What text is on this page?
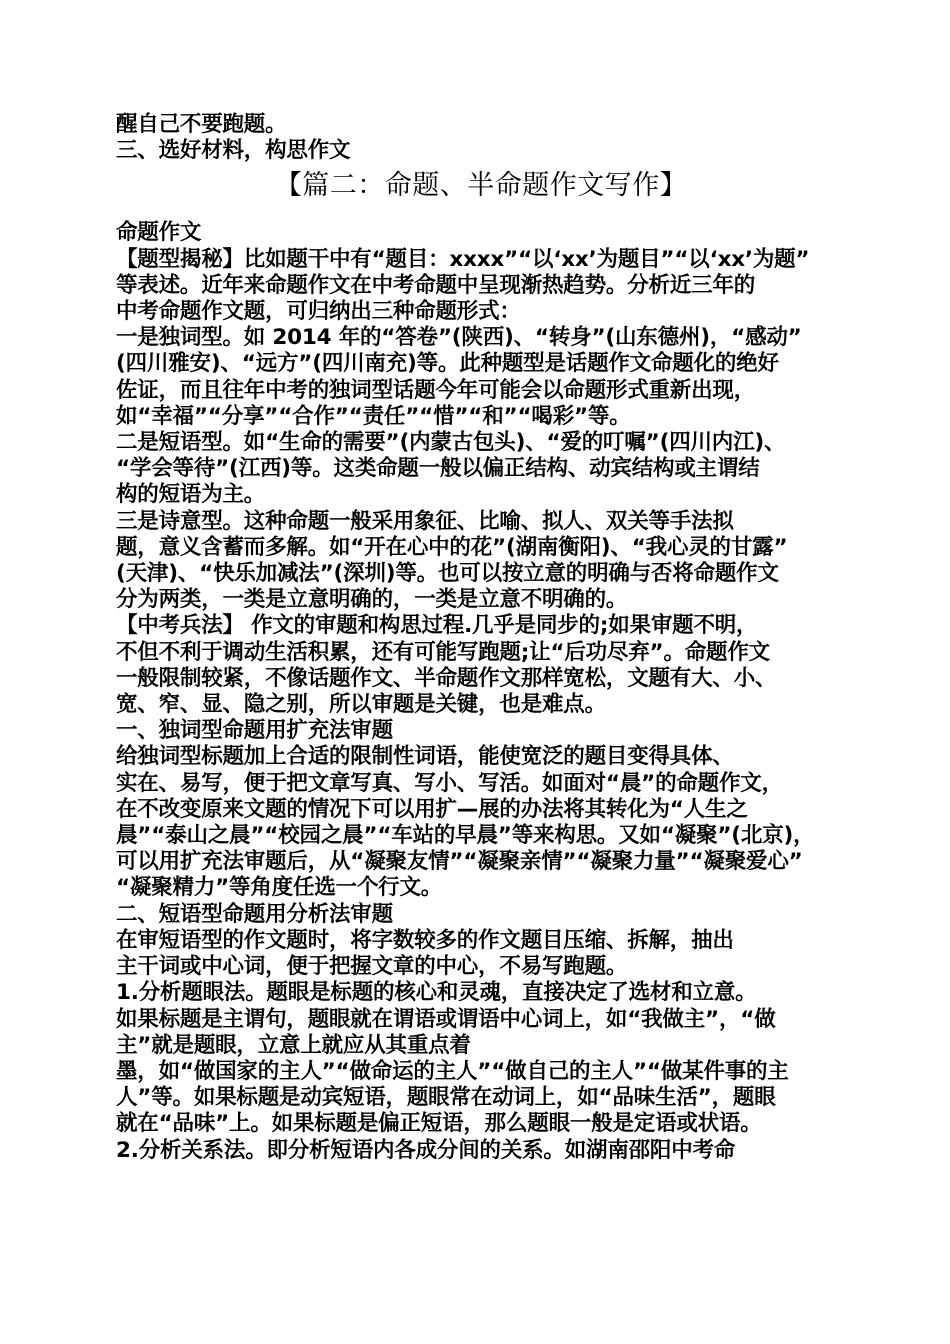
醒自己不要跑题。
三、选好材料，构思作文
【篇二：命题、半命题作文写作】
命题作文
【题型揭秘】比如题干中有“题目：xxxx”“以‘xx’为题目”“以‘xx’为题”
等表述。近年来命题作文在中考命题中呈现渐热趋势。分析近三年的
中考命题作文题，可归纳出三种命题形式：
一是独词型。如 2014 年的“答卷”(陕西)、“转身”(山东德州)，“感动”
(四川雅安)、“远方”(四川南充)等。此种题型是话题作文命题化的绝好
佐证，而且往年中考的独词型话题今年可能会以命题形式重新出现，
如“幸福”“分享”“合作”“责任”“惜”“和”“喝彩”等。
二是短语型。如“生命的需要”(内蒙古包头)、“爱的叮嘱”(四川内江)、
“学会等待”(江西)等。这类命题一般以偏正结构、动宾结构或主谓结
构的短语为主。
三是诗意型。这种命题一般采用象征、比喻、拟人、双关等手法拟
题，意义含蓄而多解。如“开在心中的花”(湖南衡阳)、“我心灵的甘露”
(天津)、“快乐加减法”(深圳)等。也可以按立意的明确与否将命题作文
分为两类，一类是立意明确的，一类是立意不明确的。
【中考兵法】 作文的审题和构思过程.几乎是同步的;如果审题不明，
不但不利于调动生活积累，还有可能写跑题;让“后功尽弃”。命题作文
一般限制较紧，不像话题作文、半命题作文那样宽松，文题有大、小、
宽、窄、显、隐之别，所以审题是关键，也是难点。
一、独词型命题用扩充法审题
给独词型标题加上合适的限制性词语，能使宽泛的题目变得具体、
实在、易写，便于把文章写真、写小、写活。如面对“晨”的命题作文，
在不改变原来文题的情况下可以用扩—展的办法将其转化为“人生之
晨”“泰山之晨”“校园之晨”“车站的早晨”等来构思。又如“凝聚”(北京)，
可以用扩充法审题后，从“凝聚友情”“凝聚亲情”“凝聚力量”“凝聚爱心”
“凝聚精力”等角度任选一个行文。
二、短语型命题用分析法审题
在审短语型的作文题时，将字数较多的作文题目压缩、拆解，抽出
主干词或中心词，便于把握文章的中心，不易写跑题。
1.分析题眼法。题眼是标题的核心和灵魂，直接决定了选材和立意。
如果标题是主谓句，题眼就在谓语或谓语中心词上，如“我做主”，“做
主”就是题眼，立意上就应从其重点着
墨，如“做国家的主人”“做命运的主人”“做自己的主人”“做某件事的主
人”等。如果标题是动宾短语，题眼常在动词上，如“品味生活”，题眼
就在“品味”上。如果标题是偏正短语，那么题眼一般是定语或状语。
2.分析关系法。即分析短语内各成分间的关系。如湖南邵阳中考命
